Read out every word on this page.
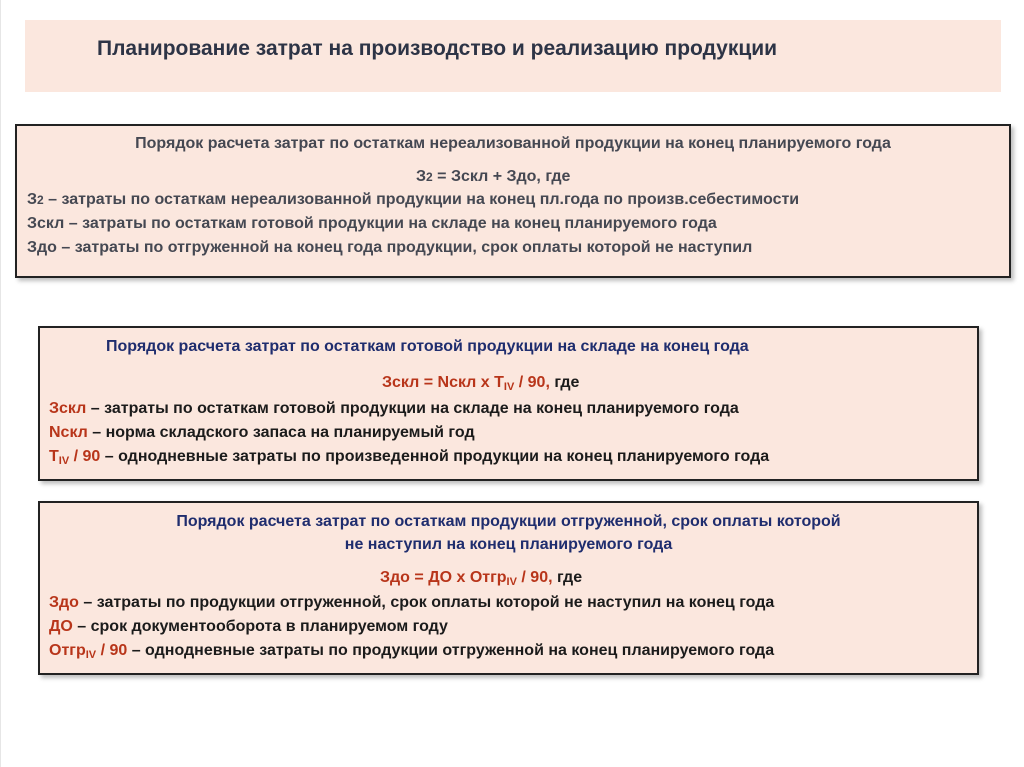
Планирование затрат на производство и реализацию продукции
Порядок расчета затрат по остаткам нереализованной продукции на конец планируемого года
З2 = Зскл + Здо, где
З2 – затраты по остаткам нереализованной продукции на конец пл.года по произв.себестимости
Зскл – затраты по остаткам готовой продукции на складе на конец планируемого года
Здо – затраты по отгруженной на конец года продукции, срок оплаты которой не наступил
Порядок расчета затрат по остаткам готовой продукции на складе на конец года
Зскл = Nскл х $Т_{IV} / 90$, где
Зскл – затраты по остаткам готовой продукции на складе на конец планируемого года
Nскл – норма складского запаса на планируемый год
$Т_{IV} / 90$ – однодневные затраты по произведенной продукции на конец планируемого года
Порядок расчета затрат по остаткам продукции отгруженной, срок оплаты которой
не наступил на конец планируемого года
Здо = ДО х Отгр$_{IV}$ / 90, где
Здо – затраты по продукции отгруженной, срок оплаты которой не наступил на конец года
ДО – срок документооборота в планируемом году
Отгр$_{IV}$ / 90 – однодневные затраты по продукции отгруженной на конец планируемого года
